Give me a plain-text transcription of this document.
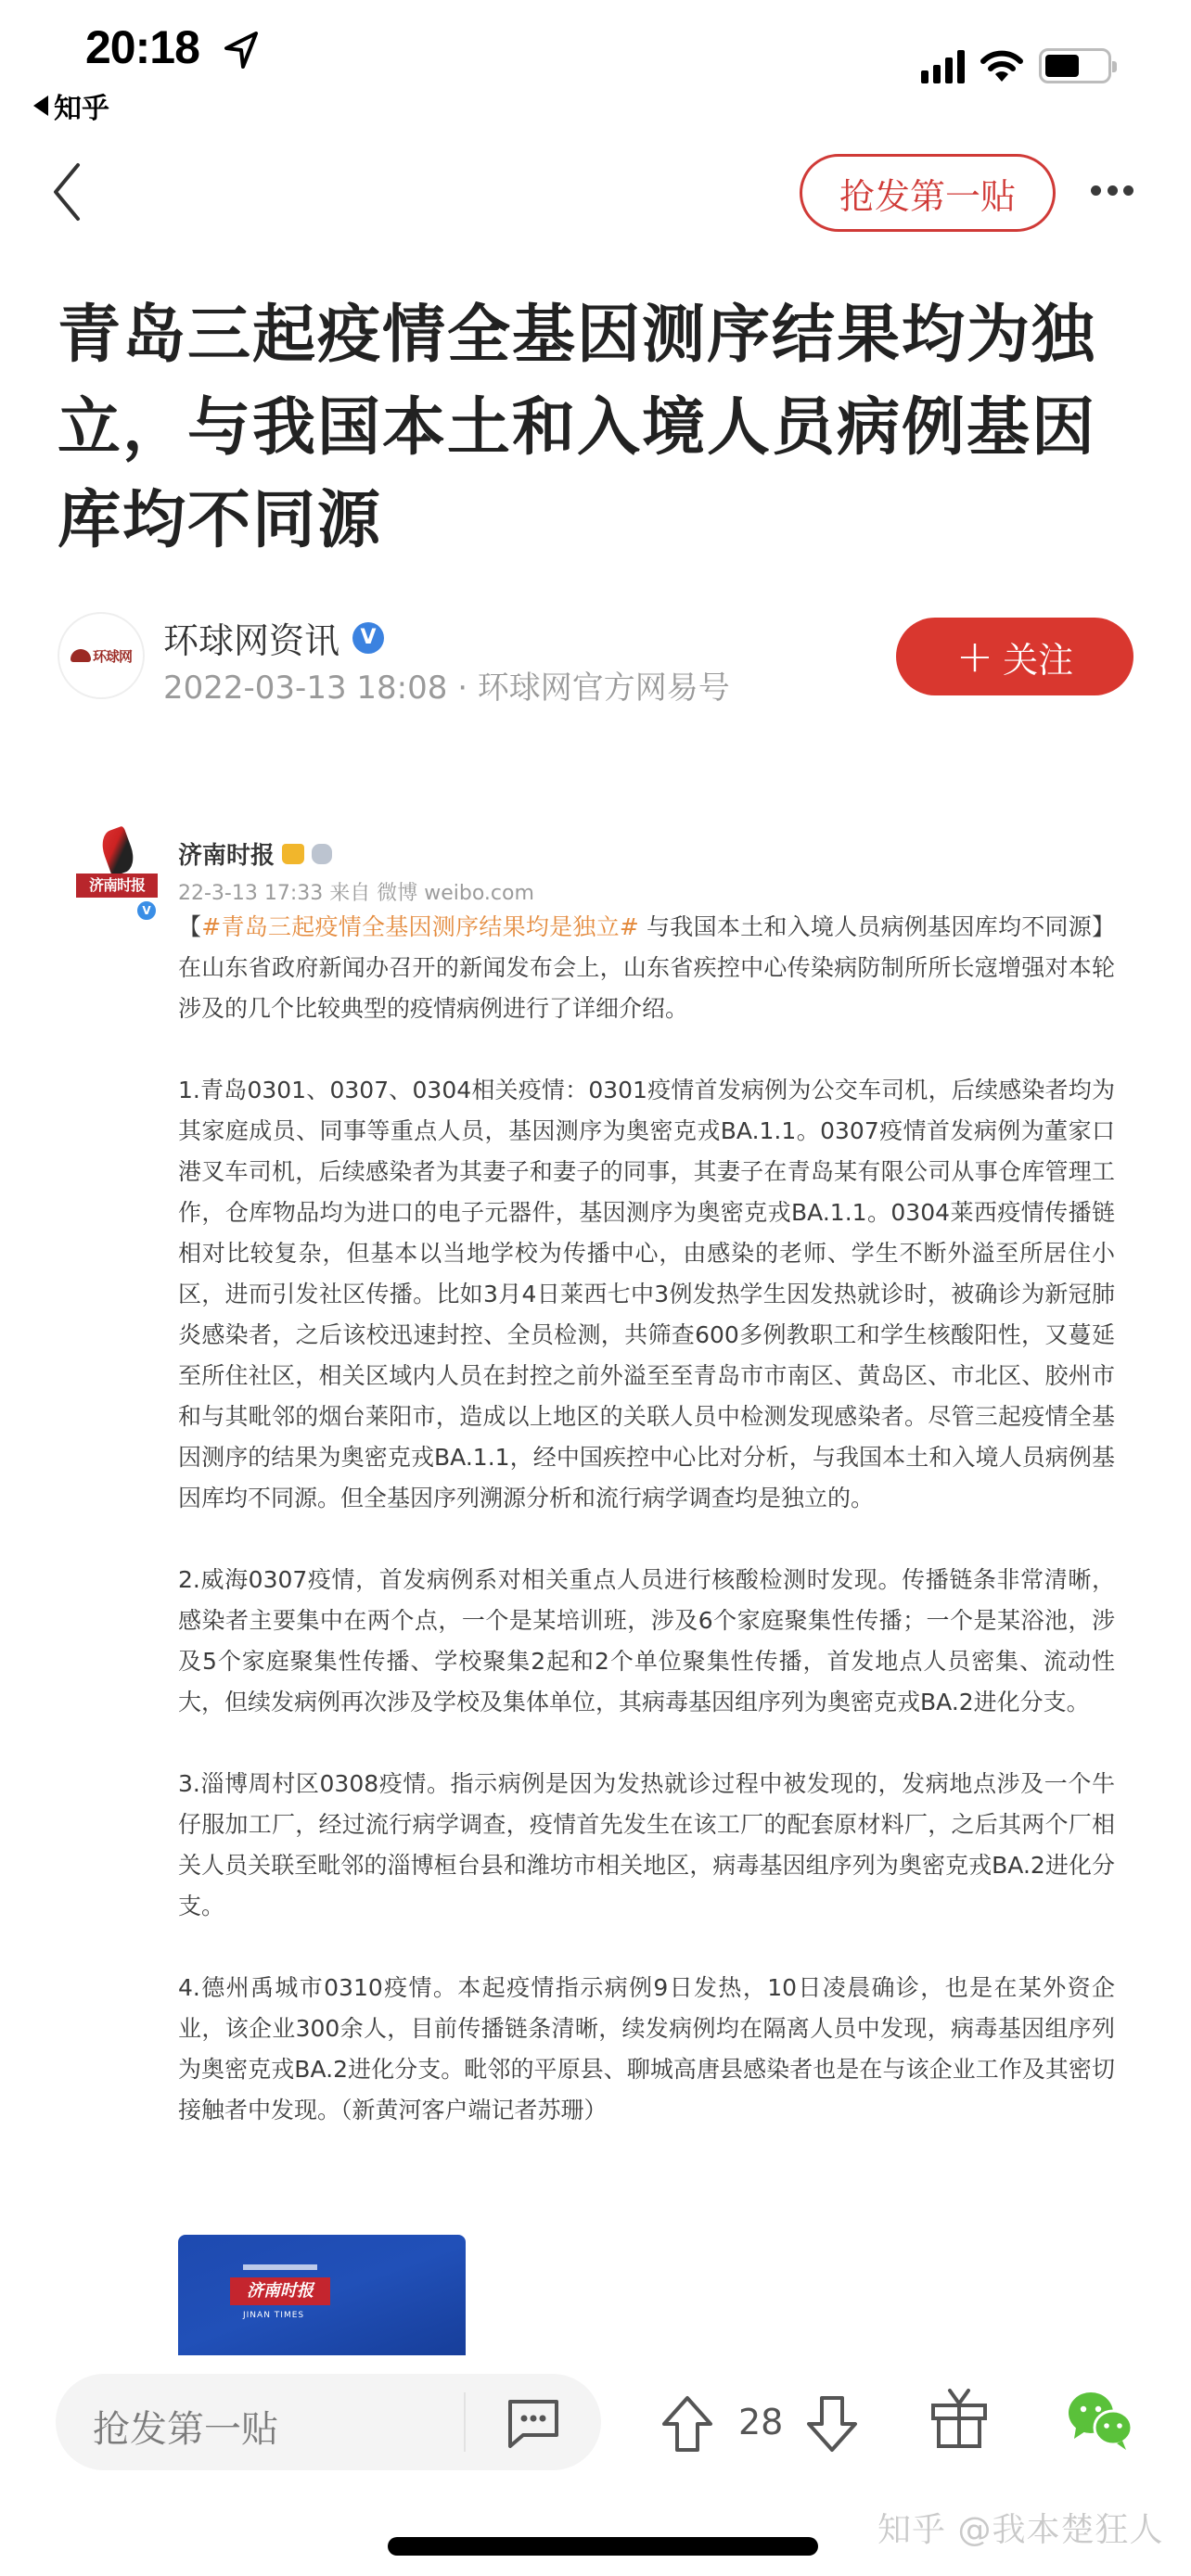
20:18
知乎
抢发第一贴
青岛三起疫情全基因测序结果均为独立，与我国本土和入境人员病例基因库均不同源
环球网 环球网资讯	V
2022-03-13 18:08 · 环球网官方网易号
+ 关注
济南时报
V
济南时报
22-3-13 17:33 来自 微博 weibo.com

【#青岛三起疫情全基因测序结果均是独立# 与我国本土和入境人员病例基因库均不同源】在山东省政府新闻办召开的新闻发布会上，山东省疾控中心传染病防制所所长寇增强对本轮涉及的几个比较典型的疫情病例进行了详细介绍。

1.青岛0301、0307、0304相关疫情：0301疫情首发病例为公交车司机，后续感染者均为其家庭成员、同事等重点人员，基因测序为奥密克戎BA.1.1。0307疫情首发病例为董家口港叉车司机，后续感染者为其妻子和妻子的同事，其妻子在青岛某有限公司从事仓库管理工作，仓库物品均为进口的电子元器件，基因测序为奥密克戎BA.1.1。0304莱西疫情传播链相对比较复杂，但基本以当地学校为传播中心，由感染的老师、学生不断外溢至所居住小区，进而引发社区传播。比如3月4日莱西七中3例发热学生因发热就诊时，被确诊为新冠肺炎感染者，之后该校迅速封控、全员检测，共筛查600多例教职工和学生核酸阳性，又蔓延至所住社区，相关区域内人员在封控之前外溢至至青岛市市南区、黄岛区、市北区、胶州市和与其毗邻的烟台莱阳市，造成以上地区的关联人员中检测发现感染者。尽管三起疫情全基因测序的结果为奥密克戎BA.1.1，经中国疾控中心比对分析，与我国本土和入境人员病例基因库均不同源。但全基因序列溯源分析和流行病学调查均是独立的。

2.威海0307疫情，首发病例系对相关重点人员进行核酸检测时发现。传播链条非常清晰，感染者主要集中在两个点，一个是某培训班，涉及6个家庭聚集性传播；一个是某浴池，涉及5个家庭聚集性传播、学校聚集2起和2个单位聚集性传播，首发地点人员密集、流动性大，但续发病例再次涉及学校及集体单位，其病毒基因组序列为奥密克戎BA.2进化分支。

3.淄博周村区0308疫情。指示病例是因为发热就诊过程中被发现的，发病地点涉及一个牛仔服加工厂，经过流行病学调查，疫情首先发生在该工厂的配套原材料厂，之后其两个厂相关人员关联至毗邻的淄博桓台县和潍坊市相关地区，病毒基因组序列为奥密克戎BA.2进化分支。

4.德州禹城市0310疫情。本起疫情指示病例9日发热，10日凌晨确诊，也是在某外资企业，该企业300余人，目前传播链条清晰，续发病例均在隔离人员中发现，病毒基因组序列为奥密克戎BA.2进化分支。毗邻的平原县、聊城高唐县感染者也是在与该企业工作及其密切接触者中发现。（新黄河客户端记者苏珊）

济南时报
JINAN TIMES
抢发第一贴	28
知乎 @我本楚狂人
